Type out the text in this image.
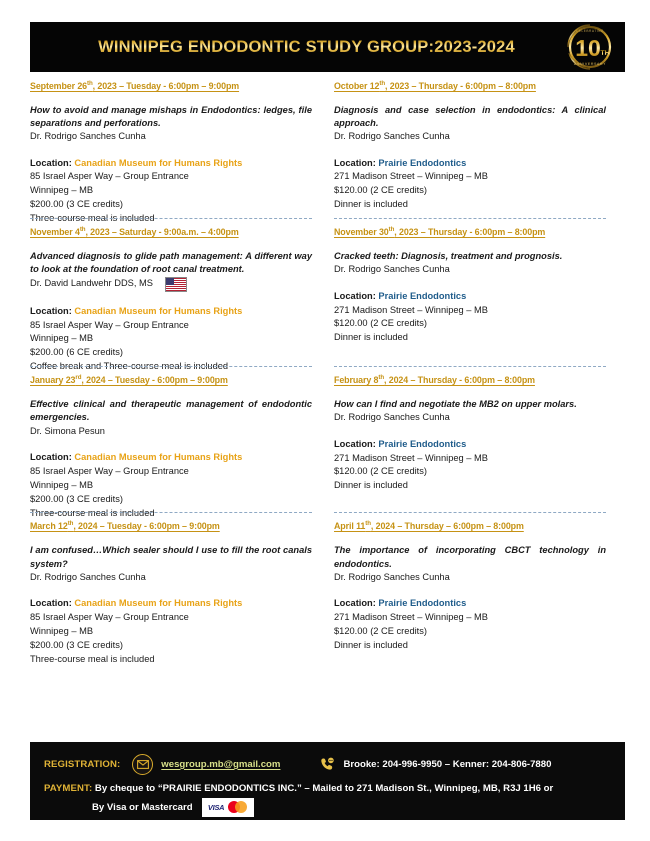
WINNIPEG ENDODONTIC STUDY GROUP:2023-2024	10 TH
ANNIVERSARY
CELEBRATING
September 26th, 2023 – Tuesday - 6:00pm – 9:00pm
How to avoid and manage mishaps in Endodontics: ledges, file separations and perforations.
Dr. Rodrigo Sanches Cunha
Location: Canadian Museum for Humans Rights
85 Israel Asper Way – Group Entrance
Winnipeg – MB
$200.00 (3 CE credits)
Three-course meal is included
October 12th, 2023 – Thursday - 6:00pm – 8:00pm
Diagnosis and case selection in endodontics: A clinical approach.
Dr. Rodrigo Sanches Cunha
Location: Prairie Endodontics
271 Madison Street – Winnipeg – MB
$120.00 (2 CE credits)
Dinner is included
November 4th, 2023 – Saturday - 9:00a.m. – 4:00pm
Advanced diagnosis to glide path management: A different way to look at the foundation of root canal treatment.
Dr. David Landwehr DDS, MS
Location: Canadian Museum for Humans Rights
85 Israel Asper Way – Group Entrance
Winnipeg – MB
$200.00 (6 CE credits)
Coffee break and Three-course meal is included
November 30th, 2023 – Thursday - 6:00pm – 8:00pm
Cracked teeth: Diagnosis, treatment and prognosis.
Dr. Rodrigo Sanches Cunha
Location: Prairie Endodontics
271 Madison Street – Winnipeg – MB
$120.00 (2 CE credits)
Dinner is included
January 23rd, 2024 – Tuesday - 6:00pm – 9:00pm
Effective clinical and therapeutic management of endodontic emergencies.
Dr. Simona Pesun
Location: Canadian Museum for Humans Rights
85 Israel Asper Way – Group Entrance
Winnipeg – MB
$200.00 (3 CE credits)
Three-course meal is included
February 8th, 2024 – Thursday - 6:00pm – 8:00pm
How can I find and negotiate the MB2 on upper molars.
Dr. Rodrigo Sanches Cunha
Location: Prairie Endodontics
271 Madison Street – Winnipeg – MB
$120.00 (2 CE credits)
Dinner is included
March 12th, 2024 – Tuesday - 6:00pm – 9:00pm
I am confused…Which sealer should I use to fill the root canals system?
Dr. Rodrigo Sanches Cunha
Location: Canadian Museum for Humans Rights
85 Israel Asper Way – Group Entrance
Winnipeg – MB
$200.00 (3 CE credits)
Three-course meal is included
April 11th, 2024 – Thursday – 6:00pm – 8:00pm
The importance of incorporating CBCT technology in endodontics.
Dr. Rodrigo Sanches Cunha
Location: Prairie Endodontics
271 Madison Street – Winnipeg – MB
$120.00 (2 CE credits)
Dinner is included
REGISTRATION:	wesgroup.mb@gmail.com	Brooke: 204-996-9950 – Kenner: 204-806-7880
PAYMENT: By cheque to “PRAIRIE ENDODONTICS INC.” – Mailed to 271 Madison St., Winnipeg, MB, R3J 1H6 or
By Visa or Mastercard VISA
